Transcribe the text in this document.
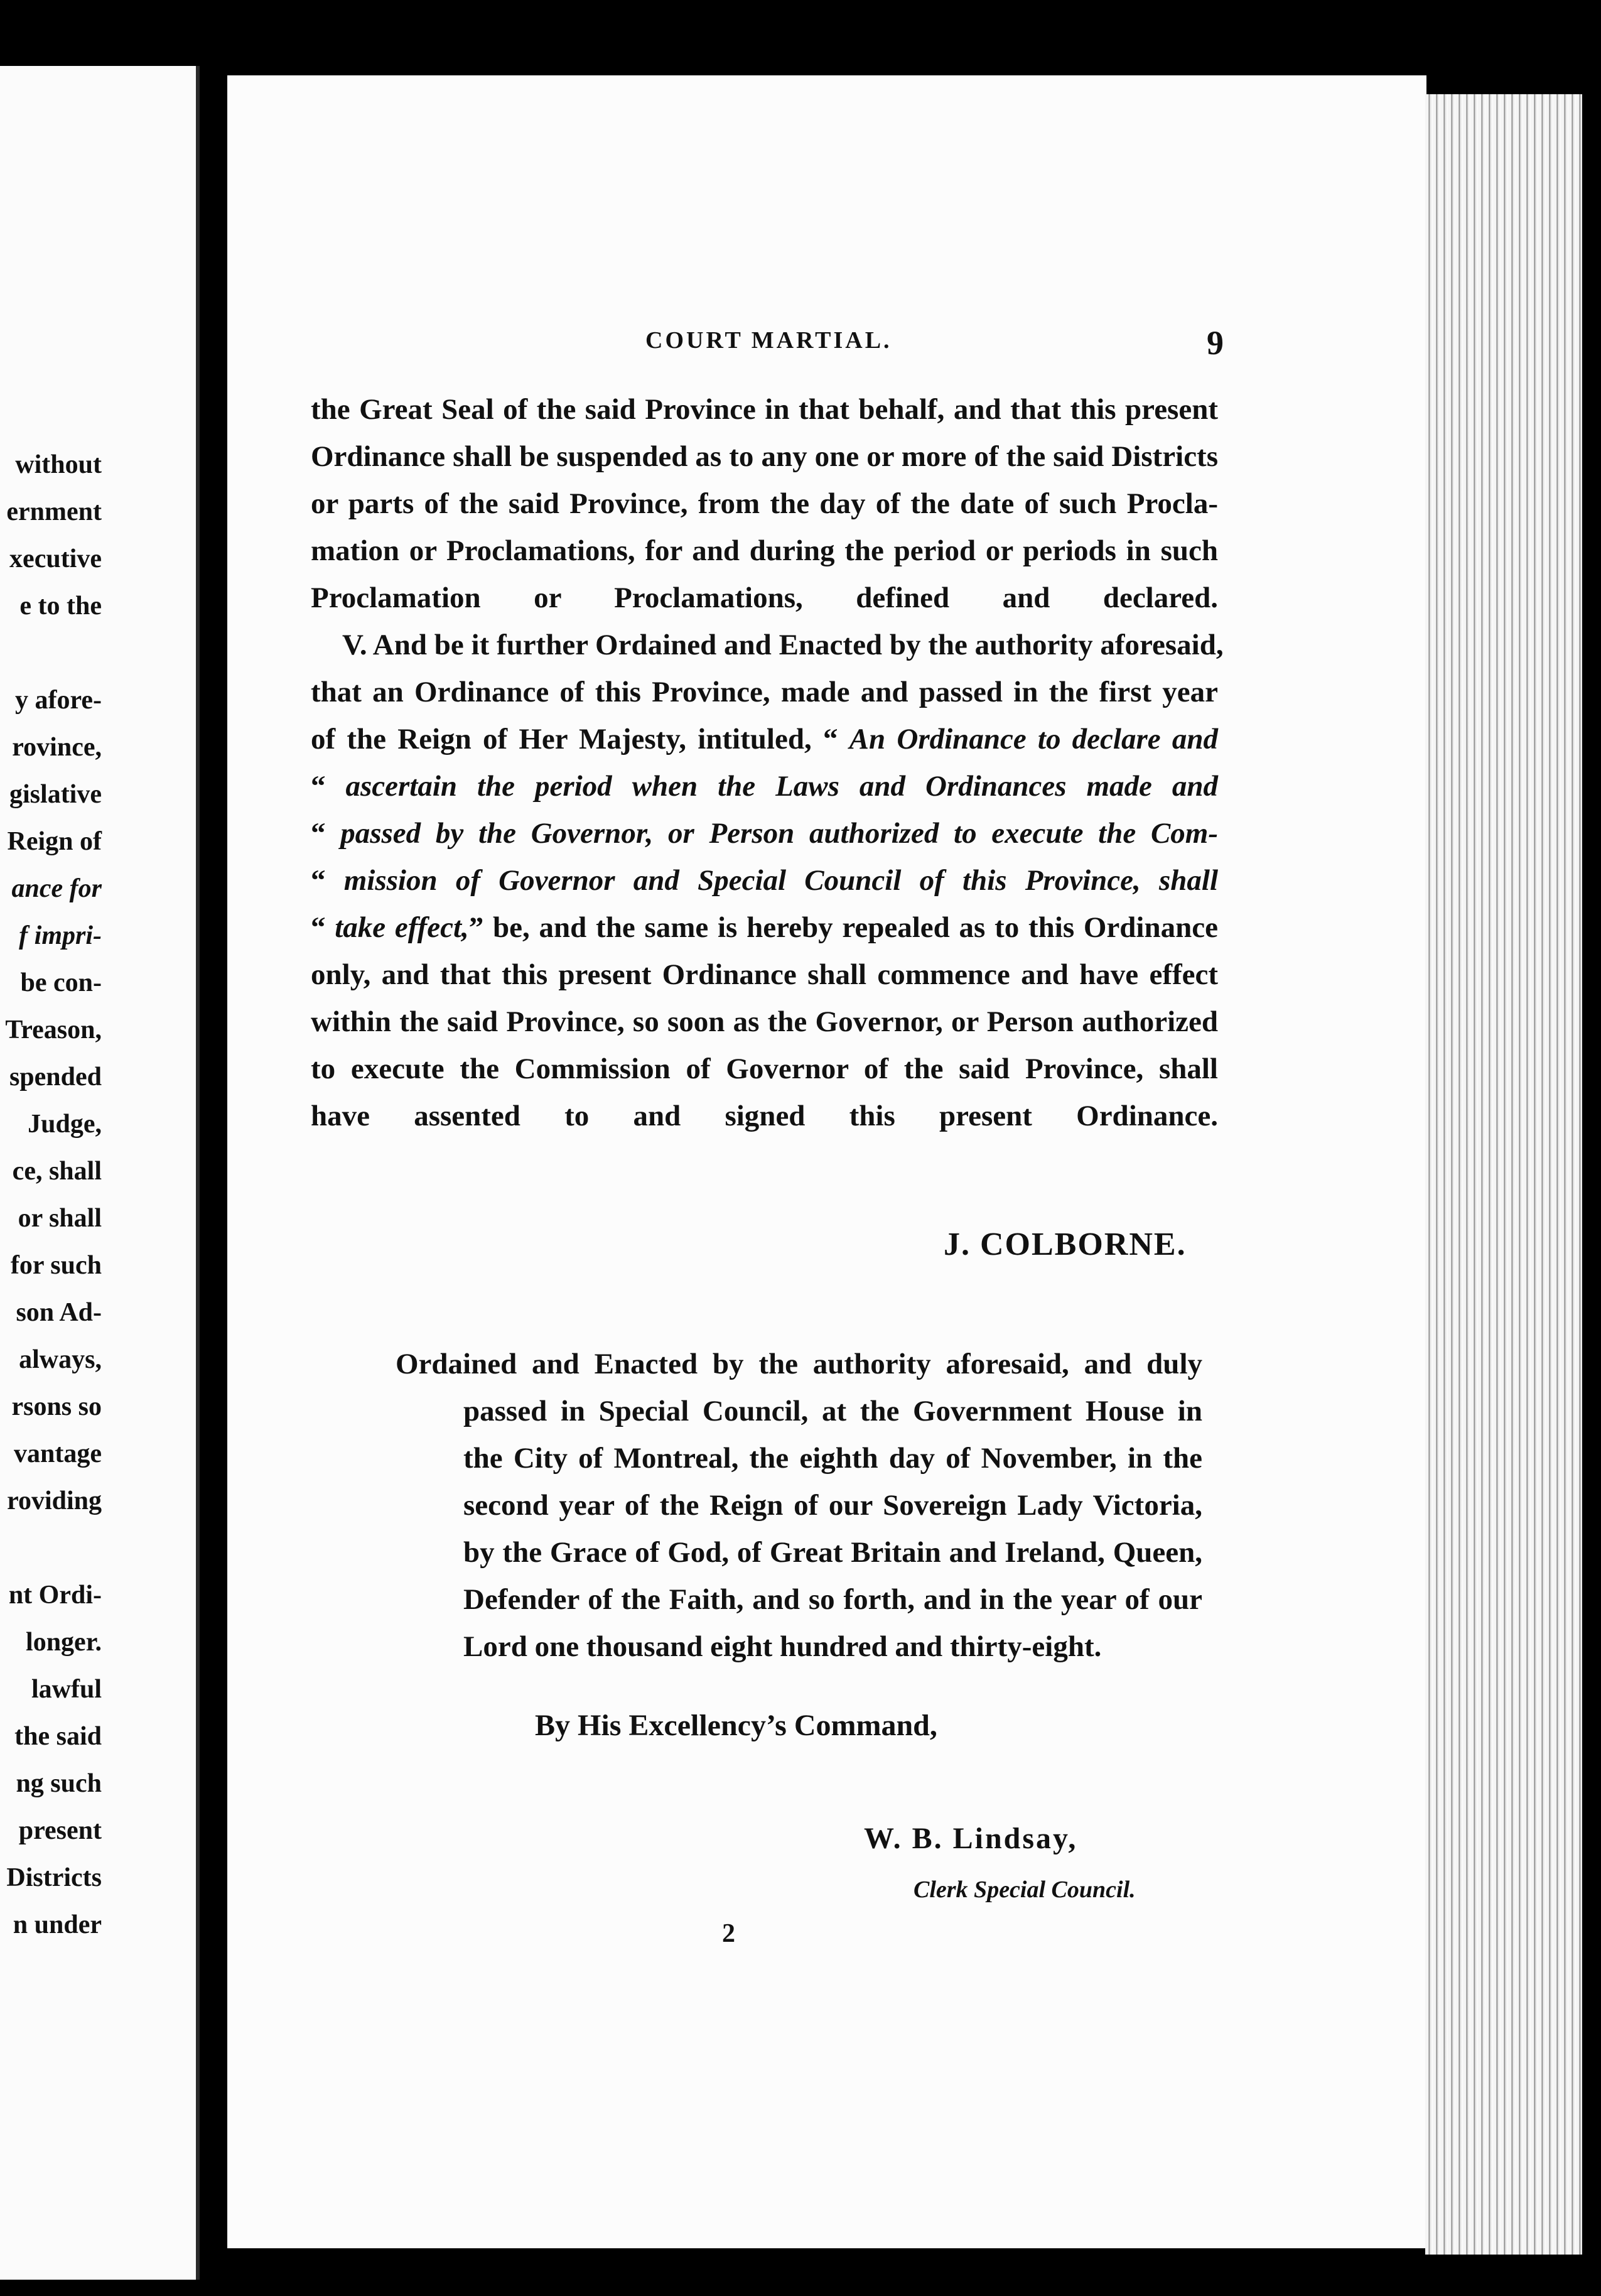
without
ernment
xecutive
e to the

y afore-
rovince,
gislative
Reign of
ance for
f impri-
be con-
Treason,
spended
Judge,
ce, shall
or shall
for such
son Ad-
always,
rsons so
vantage
roviding

nt Ordi-
longer.
lawful
the said
ng such
present
Districts
n under
COURT MARTIAL.	9
the Great Seal of the said Province in that behalf, and that this present
Ordinance shall be suspended as to any one or more of the said Districts
or parts of the said Province, from the day of the date of such Procla-
mation or Proclamations, for and during the period or periods in such
Proclamation or Proclamations, defined and declared.
V. And be it further Ordained and Enacted by the authority aforesaid,
that an Ordinance of this Province, made and passed in the first year
of the Reign of Her Majesty, intituled, “ An Ordinance to declare and
“ ascertain the period when the Laws and Ordinances made and
“ passed by the Governor, or Person authorized to execute the Com-
“ mission of Governor and Special Council of this Province, shall
“ take effect,” be, and the same is hereby repealed as to this Ordinance
only, and that this present Ordinance shall commence and have effect
within the said Province, so soon as the Governor, or Person authorized
to execute the Commission of Governor of the said Province, shall
have assented to and signed this present Ordinance.
J. COLBORNE.
Ordained and Enacted by the authority aforesaid, and duly
passed in Special Council, at the Government House in
the City of Montreal, the eighth day of November, in the
second year of the Reign of our Sovereign Lady Victoria,
by the Grace of God, of Great Britain and Ireland, Queen,
Defender of the Faith, and so forth, and in the year of our
Lord one thousand eight hundred and thirty-eight.
By His Excellency’s Command,
W. B. Lindsay,
Clerk Special Council.
2
